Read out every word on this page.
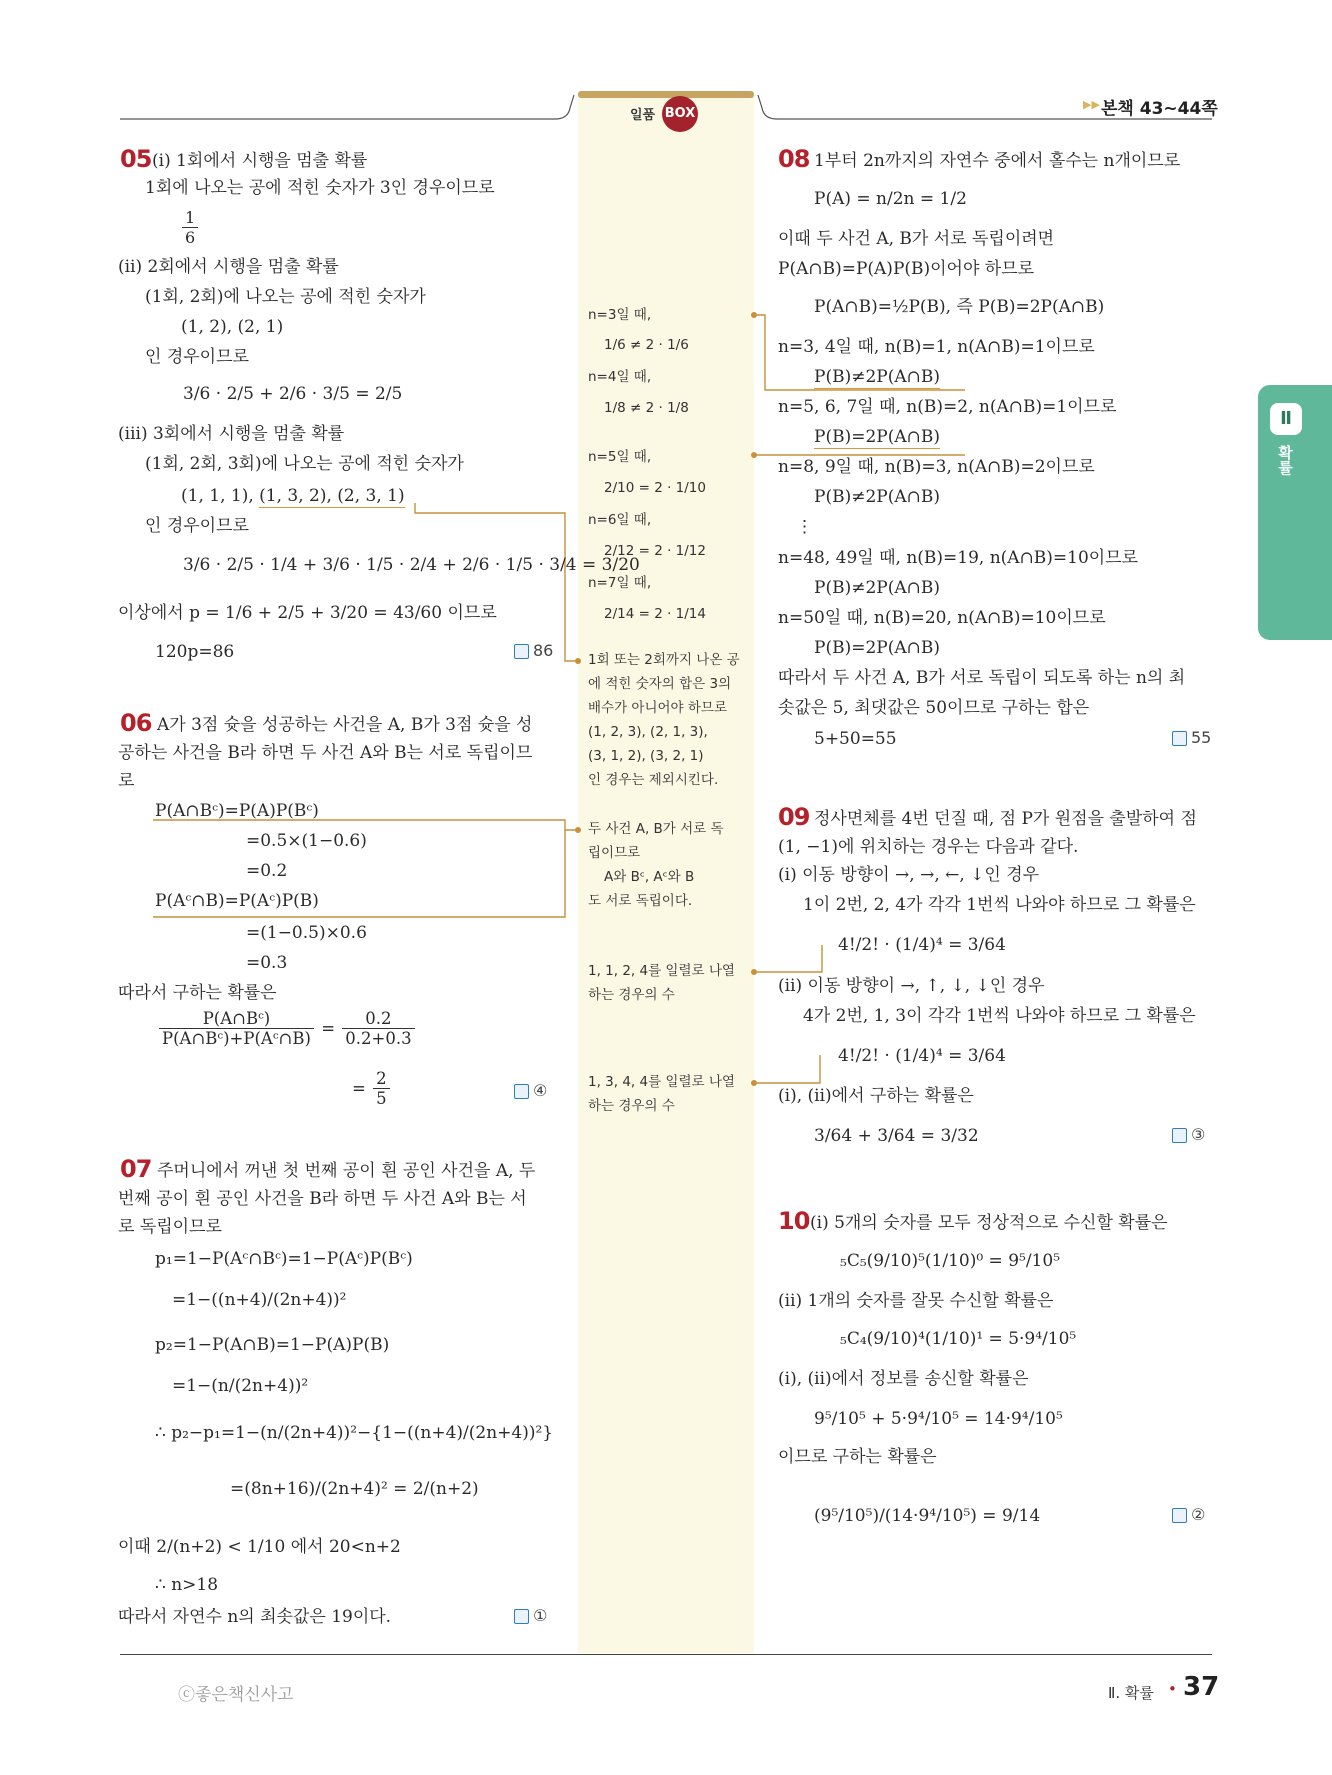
일품 BOX
▶▶ 본책 43~44쪽
Ⅱ
확률
05 (ⅰ) 1회에서 시행을 멈출 확률
1회에 나오는 공에 적힌 숫자가 3인 경우이므로
$\frac{1}{6}$
(ⅱ) 2회에서 시행을 멈출 확률
(1회, 2회)에 나오는 공에 적힌 숫자가
(1, 2), (2, 1)
인 경우이므로
3/6 · 2/5 + 2/6 · 3/5 = 2/5
(ⅲ) 3회에서 시행을 멈출 확률
(1회, 2회, 3회)에 나오는 공에 적힌 숫자가
(1, 1, 1), (1, 3, 2), (2, 3, 1)
인 경우이므로
3/6 · 2/5 · 1/4 + 3/6 · 1/5 · 2/4 + 2/6 · 1/5 · 3/4 = 3/20
이상에서 p = 1/6 + 2/5 + 3/20 = 43/60 이므로
120p=86	86
06 A가 3점 슛을 성공하는 사건을 A, B가 3점 슛을 성
공하는 사건을 B라 하면 두 사건 A와 B는 서로 독립이므
로
P(A∩Bᶜ)=P(A)P(Bᶜ)
=0.5×(1−0.6)
=0.2
P(Aᶜ∩B)=P(Aᶜ)P(B)
=(1−0.5)×0.6
=0.3
따라서 구하는 확률은
$\frac{\text{P(A∩Bᶜ)}}{\text{P(A∩Bᶜ)+P(Aᶜ∩B)}} = \frac{0.2}{0.2+0.3}$
= $\frac{2}{5}$	④
07 주머니에서 꺼낸 첫 번째 공이 흰 공인 사건을 A, 두
번째 공이 흰 공인 사건을 B라 하면 두 사건 A와 B는 서
로 독립이므로
p₁=1−P(Aᶜ∩Bᶜ)=1−P(Aᶜ)P(Bᶜ)
=1−((n+4)/(2n+4))²
p₂=1−P(A∩B)=1−P(A)P(B)
=1−(n/(2n+4))²
∴ p₂−p₁=1−(n/(2n+4))²−{1−((n+4)/(2n+4))²}
=(8n+16)/(2n+4)² = 2/(n+2)
이때 2/(n+2) < 1/10 에서 20<n+2
∴ n>18
따라서 자연수 n의 최솟값은 19이다.	①
n=3일 때,
1/6 ≠ 2 · 1/6
n=4일 때,
1/8 ≠ 2 · 1/8
n=5일 때,
2/10 = 2 · 1/10
n=6일 때,
2/12 = 2 · 1/12
n=7일 때,
2/14 = 2 · 1/14
1회 또는 2회까지 나온 공
에 적힌 숫자의 합은 3의
배수가 아니어야 하므로
(1, 2, 3), (2, 1, 3),
(3, 1, 2), (3, 2, 1)
인 경우는 제외시킨다.
두 사건 A, B가 서로 독
립이므로
A와 Bᶜ, Aᶜ와 B
도 서로 독립이다.
1, 1, 2, 4를 일렬로 나열
하는 경우의 수
1, 3, 4, 4를 일렬로 나열
하는 경우의 수
08 1부터 2n까지의 자연수 중에서 홀수는 n개이므로
P(A) = n/2n = 1/2
이때 두 사건 A, B가 서로 독립이려면
P(A∩B)=P(A)P(B)이어야 하므로
P(A∩B)=½P(B), 즉 P(B)=2P(A∩B)
n=3, 4일 때, n(B)=1, n(A∩B)=1이므로
P(B)≠2P(A∩B)
n=5, 6, 7일 때, n(B)=2, n(A∩B)=1이므로
P(B)=2P(A∩B)
n=8, 9일 때, n(B)=3, n(A∩B)=2이므로
P(B)≠2P(A∩B)
⋮
n=48, 49일 때, n(B)=19, n(A∩B)=10이므로
P(B)≠2P(A∩B)
n=50일 때, n(B)=20, n(A∩B)=10이므로
P(B)=2P(A∩B)
따라서 두 사건 A, B가 서로 독립이 되도록 하는 n의 최
솟값은 5, 최댓값은 50이므로 구하는 합은
5+50=55	55
09 정사면체를 4번 던질 때, 점 P가 원점을 출발하여 점
(1, −1)에 위치하는 경우는 다음과 같다.
(ⅰ) 이동 방향이 →, →, ←, ↓인 경우
1이 2번, 2, 4가 각각 1번씩 나와야 하므로 그 확률은
4!/2! · (1/4)⁴ = 3/64
(ⅱ) 이동 방향이 →, ↑, ↓, ↓인 경우
4가 2번, 1, 3이 각각 1번씩 나와야 하므로 그 확률은
4!/2! · (1/4)⁴ = 3/64
(ⅰ), (ⅱ)에서 구하는 확률은
3/64 + 3/64 = 3/32	③
10 (ⅰ) 5개의 숫자를 모두 정상적으로 수신할 확률은
₅C₅(9/10)⁵(1/10)⁰ = 9⁵/10⁵
(ⅱ) 1개의 숫자를 잘못 수신할 확률은
₅C₄(9/10)⁴(1/10)¹ = 5·9⁴/10⁵
(ⅰ), (ⅱ)에서 정보를 송신할 확률은
9⁵/10⁵ + 5·9⁴/10⁵ = 14·9⁴/10⁵
이므로 구하는 확률은
(9⁵/10⁵)/(14·9⁴/10⁵) = 9/14	②
ⓒ좋은책신사고	Ⅱ. 확률 • 37
